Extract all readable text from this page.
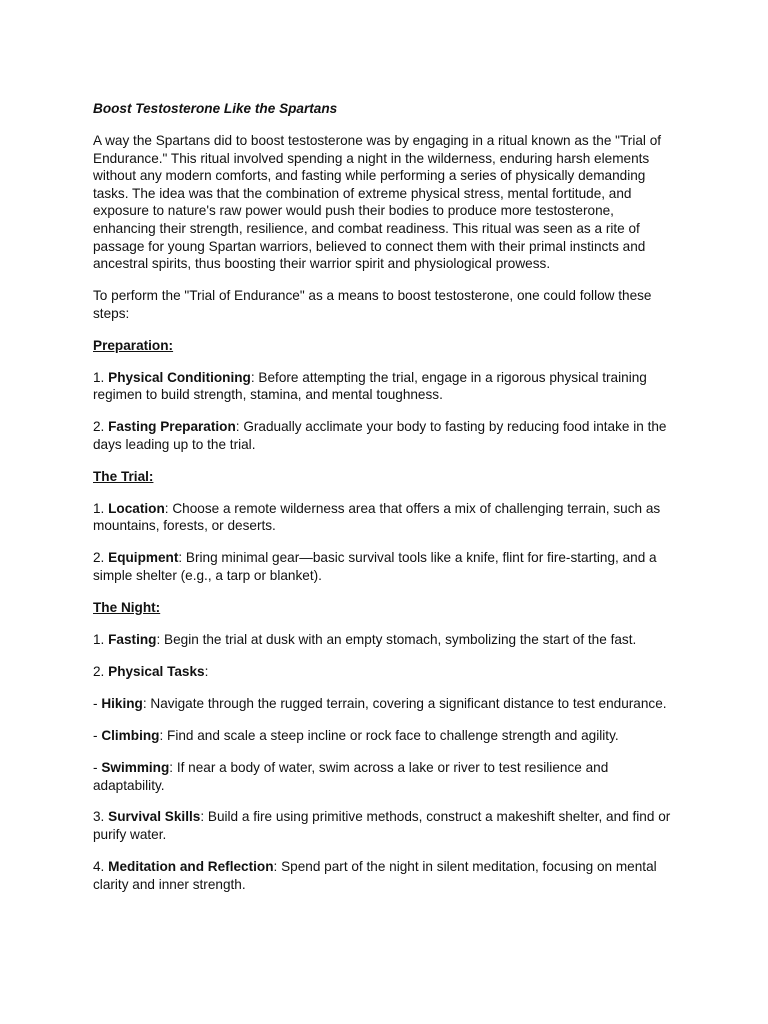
Boost Testosterone Like the Spartans

A way the Spartans did to boost testosterone was by engaging in a ritual known as the "Trial of Endurance." This ritual involved spending a night in the wilderness, enduring harsh elements without any modern comforts, and fasting while performing a series of physically demanding tasks. The idea was that the combination of extreme physical stress, mental fortitude, and exposure to nature's raw power would push their bodies to produce more testosterone, enhancing their strength, resilience, and combat readiness. This ritual was seen as a rite of passage for young Spartan warriors, believed to connect them with their primal instincts and ancestral spirits, thus boosting their warrior spirit and physiological prowess.

To perform the "Trial of Endurance" as a means to boost testosterone, one could follow these steps:

Preparation:

1. Physical Conditioning: Before attempting the trial, engage in a rigorous physical training regimen to build strength, stamina, and mental toughness.

2. Fasting Preparation: Gradually acclimate your body to fasting by reducing food intake in the days leading up to the trial.

The Trial:

1. Location: Choose a remote wilderness area that offers a mix of challenging terrain, such as mountains, forests, or deserts.

2. Equipment: Bring minimal gear—basic survival tools like a knife, flint for fire-starting, and a simple shelter (e.g., a tarp or blanket).

The Night:

1. Fasting: Begin the trial at dusk with an empty stomach, symbolizing the start of the fast.

2. Physical Tasks:

- Hiking: Navigate through the rugged terrain, covering a significant distance to test endurance.

- Climbing: Find and scale a steep incline or rock face to challenge strength and agility.

- Swimming: If near a body of water, swim across a lake or river to test resilience and adaptability.

3. Survival Skills: Build a fire using primitive methods, construct a makeshift shelter, and find or purify water.

4. Meditation and Reflection: Spend part of the night in silent meditation, focusing on mental clarity and inner strength.
